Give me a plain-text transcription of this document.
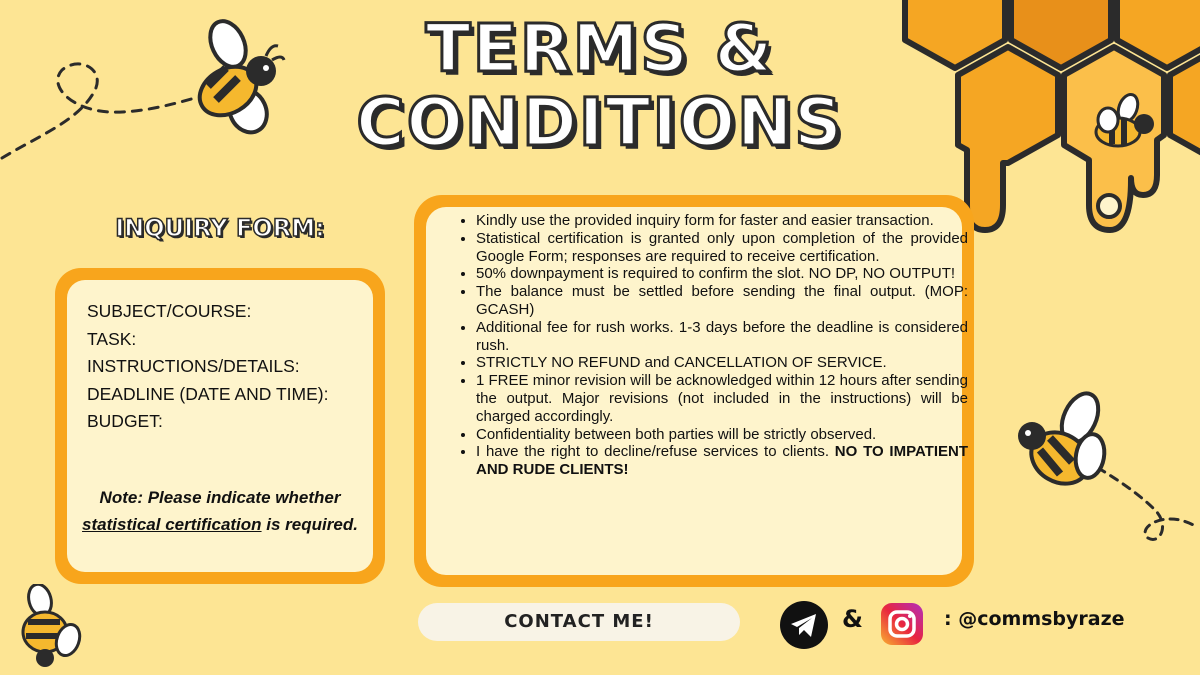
TERMS &
CONDITIONS
INQUIRY FORM:
SUBJECT/COURSE:
TASK:
INSTRUCTIONS/DETAILS:
DEADLINE (DATE AND TIME):
BUDGET:
Note: Please indicate whether statistical certification is required.
• Kindly use the provided inquiry form for faster and easier transaction.
• Statistical certification is granted only upon completion of the provided Google Form; responses are required to receive certification.
• 50% downpayment is required to confirm the slot. NO DP, NO OUTPUT!
• The balance must be settled before sending the final output. (MOP: GCASH)
• Additional fee for rush works. 1-3 days before the deadline is considered rush.
• STRICTLY NO REFUND and CANCELLATION OF SERVICE.
• 1 FREE minor revision will be acknowledged within 12 hours after sending the output. Major revisions (not included in the instructions) will be charged accordingly.
• Confidentiality between both parties will be strictly observed.
• I have the right to decline/refuse services to clients. NO TO IMPATIENT AND RUDE CLIENTS!
CONTACT ME!	&	: @commsbyraze
